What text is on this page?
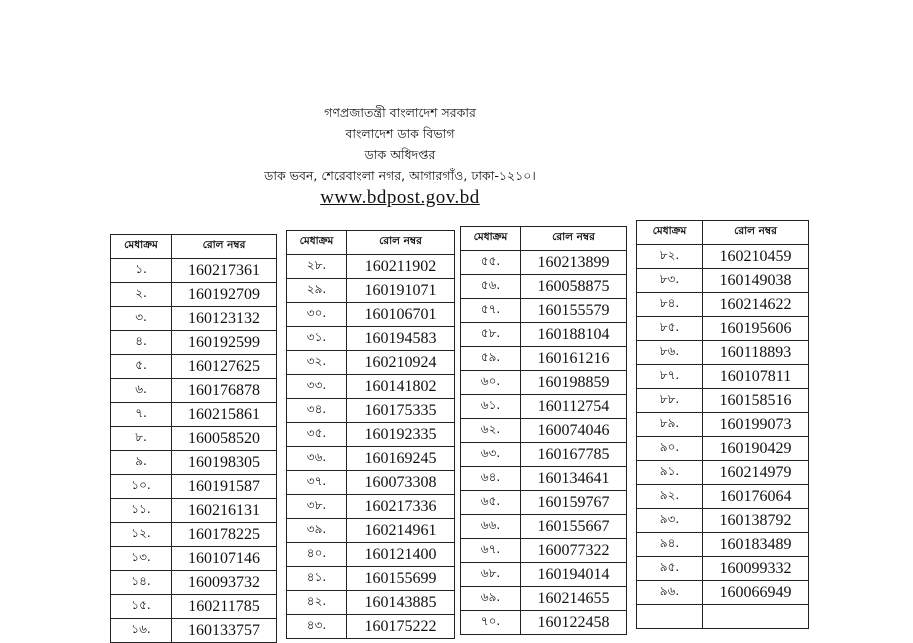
গণপ্রজাতন্ত্রী বাংলাদেশ সরকার
বাংলাদেশ ডাক বিভাগ
ডাক অধিদপ্তর
ডাক ভবন, শেরেবাংলা নগর, আগারগাঁও, ঢাকা-১২১০।
www.bdpost.gov.bd
মেধাক্রম	রোল নম্বর
১.	160217361
২.	160192709
৩.	160123132
৪.	160192599
৫.	160127625
৬.	160176878
৭.	160215861
৮.	160058520
৯.	160198305
১০.	160191587
১১.	160216131
১২.	160178225
১৩.	160107146
১৪.	160093732
১৫.	160211785
১৬.	160133757
মেধাক্রম	রোল নম্বর
২৮.	160211902
২৯.	160191071
৩০.	160106701
৩১.	160194583
৩২.	160210924
৩৩.	160141802
৩৪.	160175335
৩৫.	160192335
৩৬.	160169245
৩৭.	160073308
৩৮.	160217336
৩৯.	160214961
৪০.	160121400
৪১.	160155699
৪২.	160143885
৪৩.	160175222
মেধাক্রম	রোল নম্বর
৫৫.	160213899
৫৬.	160058875
৫৭.	160155579
৫৮.	160188104
৫৯.	160161216
৬০.	160198859
৬১.	160112754
৬২.	160074046
৬৩.	160167785
৬৪.	160134641
৬৫.	160159767
৬৬.	160155667
৬৭.	160077322
৬৮.	160194014
৬৯.	160214655
৭০.	160122458
মেধাক্রম	রোল নম্বর
৮২.	160210459
৮৩.	160149038
৮৪.	160214622
৮৫.	160195606
৮৬.	160118893
৮৭.	160107811
৮৮.	160158516
৮৯.	160199073
৯০.	160190429
৯১.	160214979
৯২.	160176064
৯৩.	160138792
৯৪.	160183489
৯৫.	160099332
৯৬.	160066949
